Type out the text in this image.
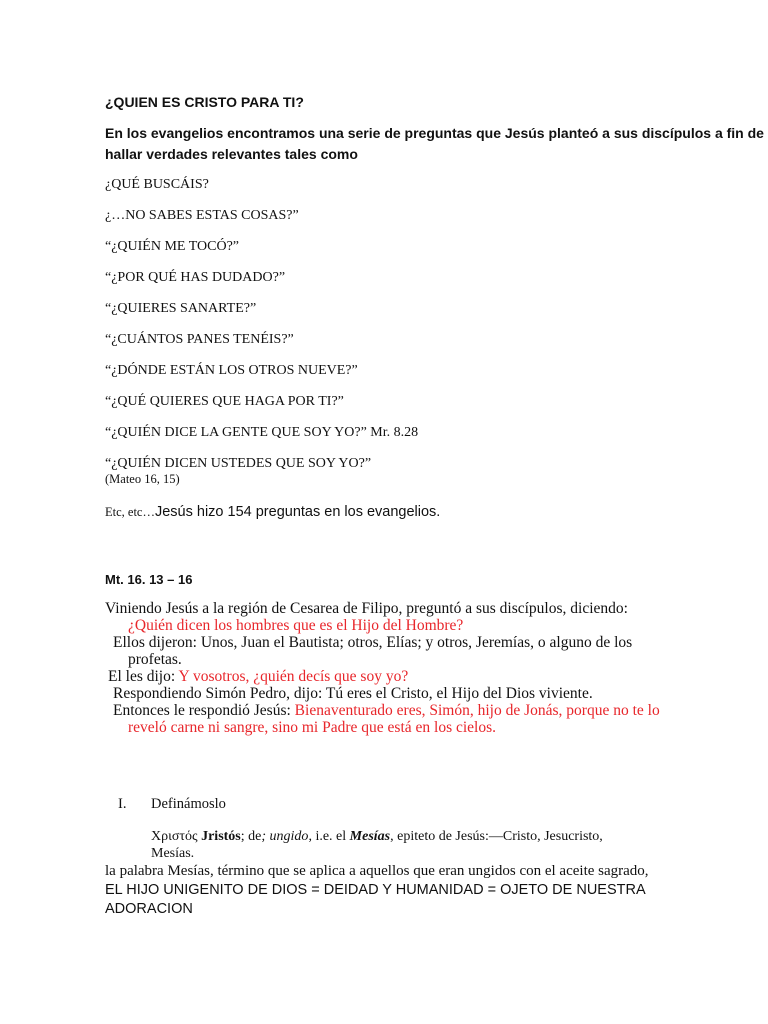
¿QUIEN ES CRISTO PARA TI?
En los evangelios encontramos una serie de preguntas que Jesús planteó a sus discípulos a fin de
hallar verdades relevantes tales como
¿QUÉ BUSCÁIS?
¿…NO SABES ESTAS COSAS?”
“¿QUIÉN ME TOCÓ?”
“¿POR QUÉ HAS DUDADO?”
“¿QUIERES SANARTE?”
“¿CUÁNTOS PANES TENÉIS?”
“¿DÓNDE ESTÁN LOS OTROS NUEVE?”
“¿QUÉ QUIERES QUE HAGA POR TI?”
“¿QUIÉN DICE LA GENTE QUE SOY YO?” Mr. 8.28
“¿QUIÉN DICEN USTEDES QUE SOY YO?”
(Mateo 16, 15)
Etc, etc…Jesús hizo 154 preguntas en los evangelios.
Mt. 16. 13 – 16
Viniendo Jesús a la región de Cesarea de Filipo, preguntó a sus discípulos, diciendo:
¿Quién dicen los hombres que es el Hijo del Hombre?
Ellos dijeron: Unos, Juan el Bautista; otros, Elías; y otros, Jeremías, o alguno de los
profetas.
El les dijo: Y vosotros, ¿quién decís que soy yo?
Respondiendo Simón Pedro, dijo: Tú eres el Cristo, el Hijo del Dios viviente.
Entonces le respondió Jesús: Bienaventurado eres, Simón, hijo de Jonás, porque no te lo
reveló carne ni sangre, sino mi Padre que está en los cielos.
I. Definámoslo
Χριστός Jristós; de; ungido, i.e. el Mesías, epiteto de Jesús:—Cristo, Jesucristo,
Mesías.
la palabra Mesías, término que se aplica a aquellos que eran ungidos con el aceite sagrado,
EL HIJO UNIGENITO DE DIOS = DEIDAD Y HUMANIDAD = OJETO DE NUESTRA
ADORACION
